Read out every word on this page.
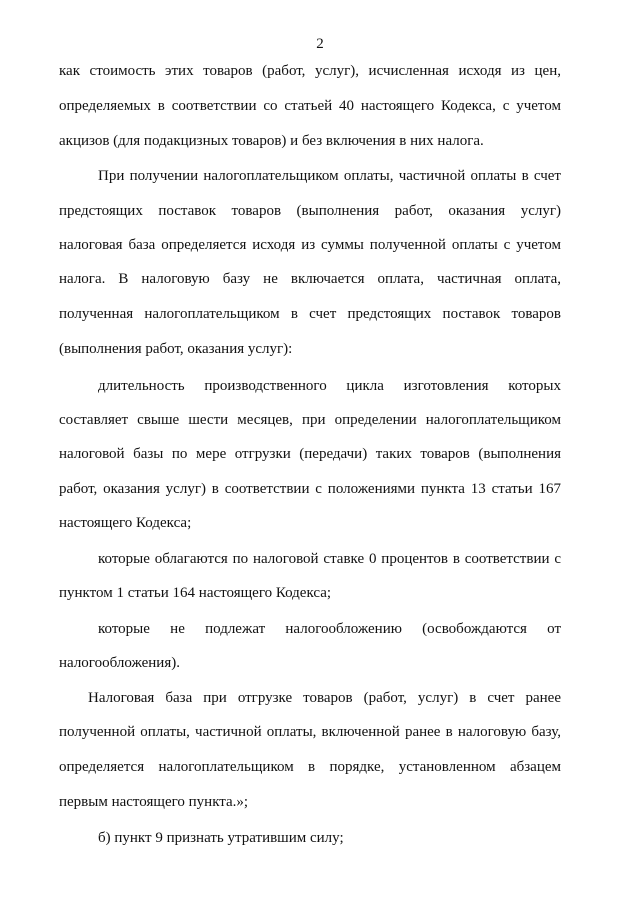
2
как стоимость этих товаров (работ, услуг), исчисленная исходя из цен,
определяемых в соответствии со статьей 40 настоящего Кодекса, с учетом
акцизов (для подакцизных товаров) и без включения в них налога.
При получении налогоплательщиком оплаты, частичной оплаты в счет
предстоящих поставок товаров (выполнения работ, оказания услуг)
налоговая база определяется исходя из суммы полученной оплаты с учетом
налога. В налоговую базу не включается оплата, частичная оплата,
полученная налогоплательщиком в счет предстоящих поставок товаров
(выполнения работ, оказания услуг):
длительность производственного цикла изготовления которых
составляет свыше шести месяцев, при определении налогоплательщиком
налоговой базы по мере отгрузки (передачи) таких товаров (выполнения
работ, оказания услуг) в соответствии с положениями пункта 13 статьи 167
настоящего Кодекса;
которые облагаются по налоговой ставке 0 процентов в соответствии с
пунктом 1 статьи 164 настоящего Кодекса;
которые не подлежат налогообложению (освобождаются от
налогообложения).
Налоговая база при отгрузке товаров (работ, услуг) в счет ранее
полученной оплаты, частичной оплаты, включенной ранее в налоговую базу,
определяется налогоплательщиком в порядке, установленном абзацем
первым настоящего пункта.»;
б) пункт 9 признать утратившим силу;
